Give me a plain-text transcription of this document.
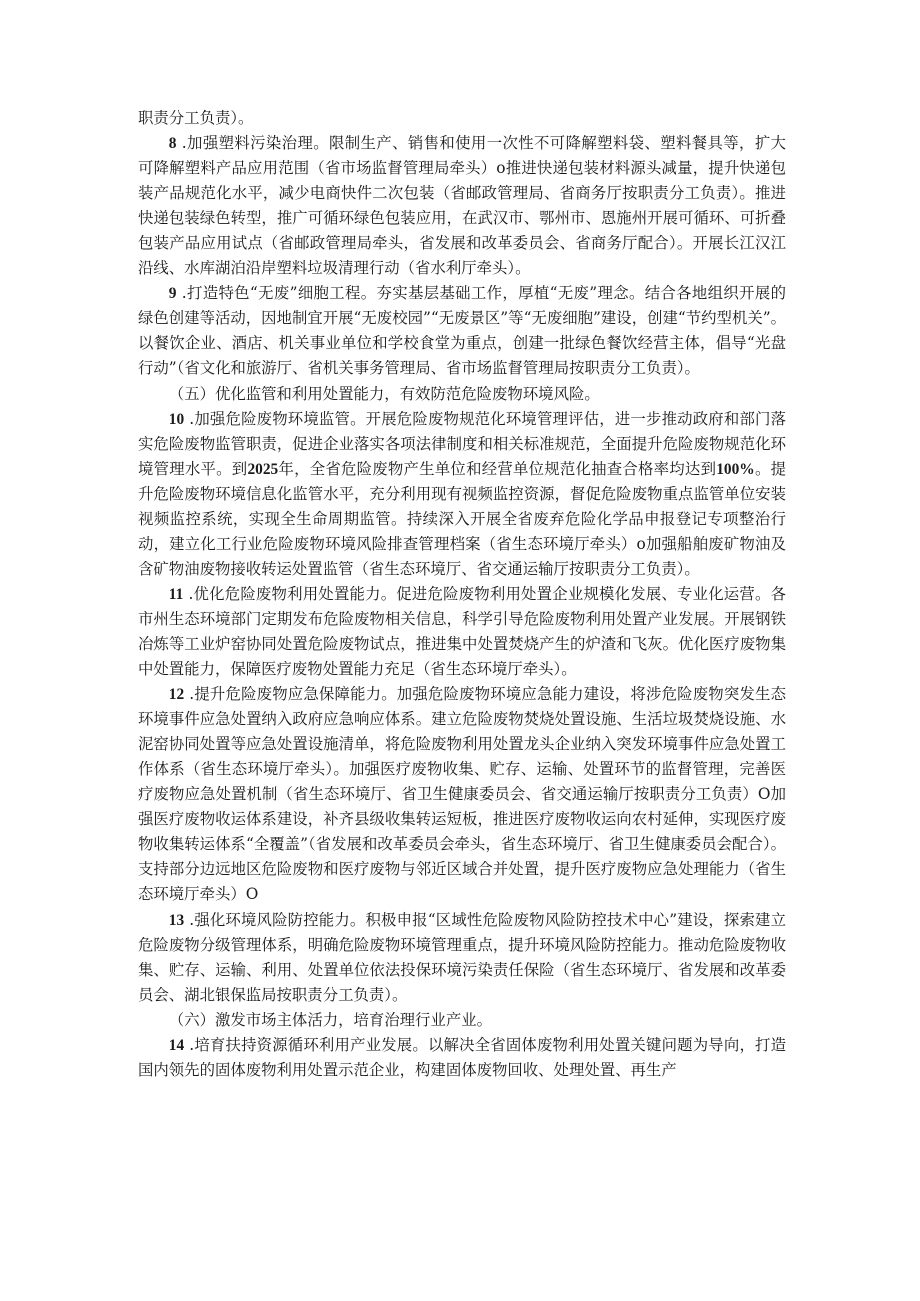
职责分工负责）。

8 .加强塑料污染治理。限制生产、销售和使用一次性不可降解塑料袋、塑料餐具等，扩大可降解塑料产品应用范围（省市场监督管理局牵头）o推进快递包装材料源头减量，提升快递包装产品规范化水平，减少电商快件二次包装（省邮政管理局、省商务厅按职责分工负责）。推进快递包装绿色转型，推广可循环绿色包装应用，在武汉市、鄂州市、恩施州开展可循环、可折叠包装产品应用试点（省邮政管理局牵头，省发展和改革委员会、省商务厅配合）。开展长江汉江沿线、水库湖泊沿岸塑料垃圾清理行动（省水利厅牵头）。

9 .打造特色“无废”细胞工程。夯实基层基础工作，厚植“无废”理念。结合各地组织开展的绿色创建等活动，因地制宜开展“无废校园”“无废景区”等“无废细胞”建设，创建“节约型机关”。以餐饮企业、酒店、机关事业单位和学校食堂为重点，创建一批绿色餐饮经营主体，倡导“光盘行动”（省文化和旅游厅、省机关事务管理局、省市场监督管理局按职责分工负责）。

（五）优化监管和利用处置能力，有效防范危险废物环境风险。

10 .加强危险废物环境监管。开展危险废物规范化环境管理评估，进一步推动政府和部门落实危险废物监管职责，促进企业落实各项法律制度和相关标准规范，全面提升危险废物规范化环境管理水平。到2025年，全省危险废物产生单位和经营单位规范化抽查合格率均达到100%。提升危险废物环境信息化监管水平，充分利用现有视频监控资源，督促危险废物重点监管单位安装视频监控系统，实现全生命周期监管。持续深入开展全省废弃危险化学品申报登记专项整治行动，建立化工行业危险废物环境风险排查管理档案（省生态环境厅牵头）o加强船舶废矿物油及含矿物油废物接收转运处置监管（省生态环境厅、省交通运输厅按职责分工负责）。

11 .优化危险废物利用处置能力。促进危险废物利用处置企业规模化发展、专业化运营。各市州生态环境部门定期发布危险废物相关信息，科学引导危险废物利用处置产业发展。开展钢铁冶炼等工业炉窑协同处置危险废物试点，推进集中处置焚烧产生的炉渣和飞灰。优化医疗废物集中处置能力，保障医疗废物处置能力充足（省生态环境厅牵头）。

12 .提升危险废物应急保障能力。加强危险废物环境应急能力建设，将涉危险废物突发生态环境事件应急处置纳入政府应急响应体系。建立危险废物焚烧处置设施、生活垃圾焚烧设施、水泥窑协同处置等应急处置设施清单，将危险废物利用处置龙头企业纳入突发环境事件应急处置工作体系（省生态环境厅牵头）。加强医疗废物收集、贮存、运输、处置环节的监督管理，完善医疗废物应急处置机制（省生态环境厅、省卫生健康委员会、省交通运输厅按职责分工负责）O加强医疗废物收运体系建设，补齐县级收集转运短板，推进医疗废物收运向农村延伸，实现医疗废物收集转运体系“全覆盖”（省发展和改革委员会牵头，省生态环境厅、省卫生健康委员会配合）。支持部分边远地区危险废物和医疗废物与邻近区域合并处置，提升医疗废物应急处理能力（省生态环境厅牵头）O

13 .强化环境风险防控能力。积极申报“区域性危险废物风险防控技术中心”建设，探索建立危险废物分级管理体系，明确危险废物环境管理重点，提升环境风险防控能力。推动危险废物收集、贮存、运输、利用、处置单位依法投保环境污染责任保险（省生态环境厅、省发展和改革委员会、湖北银保监局按职责分工负责）。

（六）激发市场主体活力，培育治理行业产业。

14 .培育扶持资源循环利用产业发展。以解决全省固体废物利用处置关键问题为导向，打造国内领先的固体废物利用处置示范企业，构建固体废物回收、处理处置、再生产
